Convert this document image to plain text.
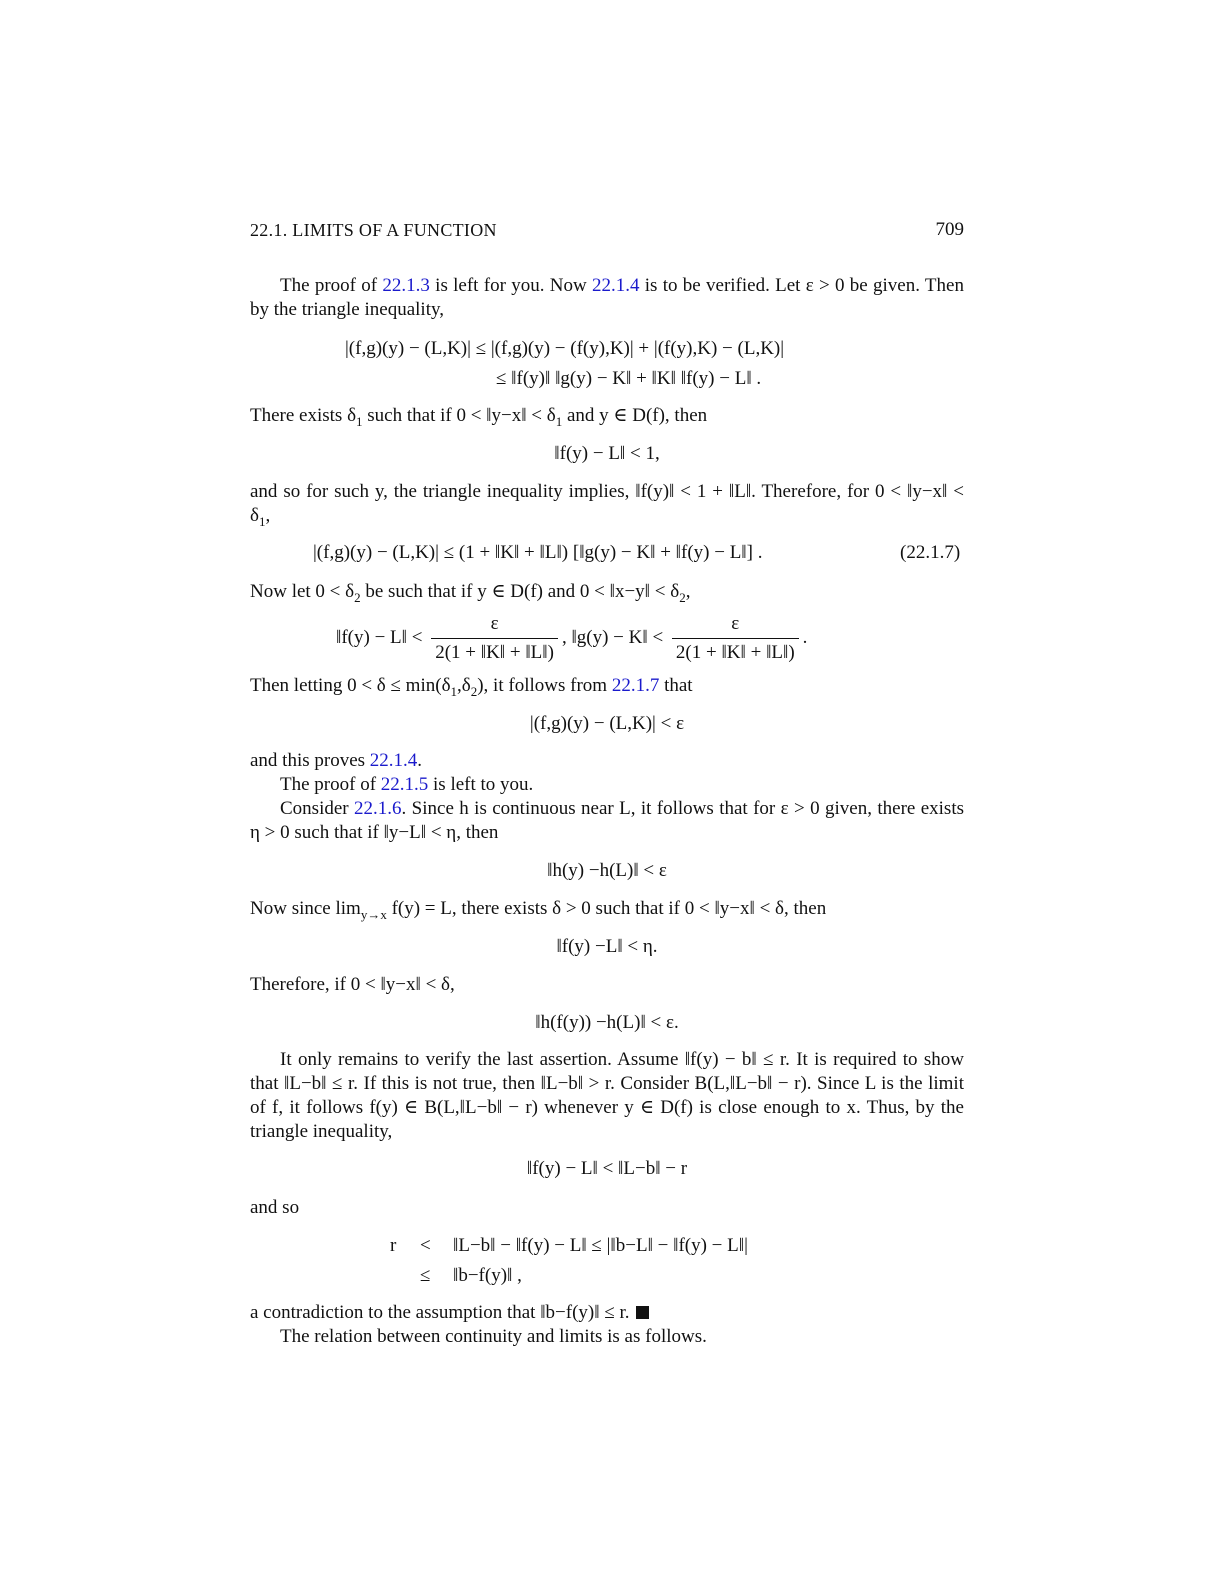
22.1. LIMITS OF A FUNCTION	709
The proof of 22.1.3 is left for you. Now 22.1.4 is to be verified. Let ε > 0 be given. Then by the triangle inequality,
|(f,g)(y) − (L,K)| ≤ |(f,g)(y) − (f(y),K)| + |(f(y),K) − (L,K)|
≤ ‖f(y)‖ ‖g(y) − K‖ + ‖K‖ ‖f(y) − L‖ .
There exists $\delta_1$ such that if 0 < ‖y−x‖ < $\delta_1$ and y ∈ D(f), then
‖f(y) − L‖ < 1,
and so for such y, the triangle inequality implies, ‖f(y)‖ < 1 + ‖L‖. Therefore, for 0 < ‖y−x‖ < $\delta_1$,
|(f,g)(y) − (L,K)| ≤ (1 + ‖K‖ + ‖L‖) [‖g(y) − K‖ + ‖f(y) − L‖] .	(22.1.7)
Now let $0 < \delta_2$ be such that if y ∈ D(f) and 0 < ‖x−y‖ < $\delta_2$,
‖f(y) − L‖ < $\frac{\varepsilon}{2(1 + ‖K‖ + ‖L‖)}$ , ‖g(y) − K‖ < $\frac{\varepsilon}{2(1 + ‖K‖ + ‖L‖)}$ .
Then letting $0 < \delta \le \min(\delta_1,\delta_2)$, it follows from 22.1.7 that
|(f,g)(y) − (L,K)| < ε
and this proves 22.1.4.
The proof of 22.1.5 is left to you.
Consider 22.1.6. Since h is continuous near L, it follows that for ε > 0 given, there exists η > 0 such that if ‖y−L‖ < η, then
‖h(y) −h(L)‖ < ε
Now since $\lim_{y\to x} f(y) = L$, there exists δ > 0 such that if 0 < ‖y−x‖ < δ, then
‖f(y) −L‖ < η.
Therefore, if 0 < ‖y−x‖ < δ,
‖h(f(y)) −h(L)‖ < ε.
It only remains to verify the last assertion. Assume ‖f(y) − b‖ ≤ r. It is required to show that ‖L−b‖ ≤ r. If this is not true, then ‖L−b‖ > r. Consider B(L,‖L−b‖ − r). Since L is the limit of f, it follows f(y) ∈ B(L,‖L−b‖ − r) whenever y ∈ D(f) is close enough to x. Thus, by the triangle inequality,
‖f(y) − L‖ < ‖L−b‖ − r
and so
r < ‖L−b‖ − ‖f(y) − L‖ ≤ |‖b−L‖ − ‖f(y) − L‖|
≤ ‖b−f(y)‖ ,
a contradiction to the assumption that ‖b−f(y)‖ ≤ r.
The relation between continuity and limits is as follows.
